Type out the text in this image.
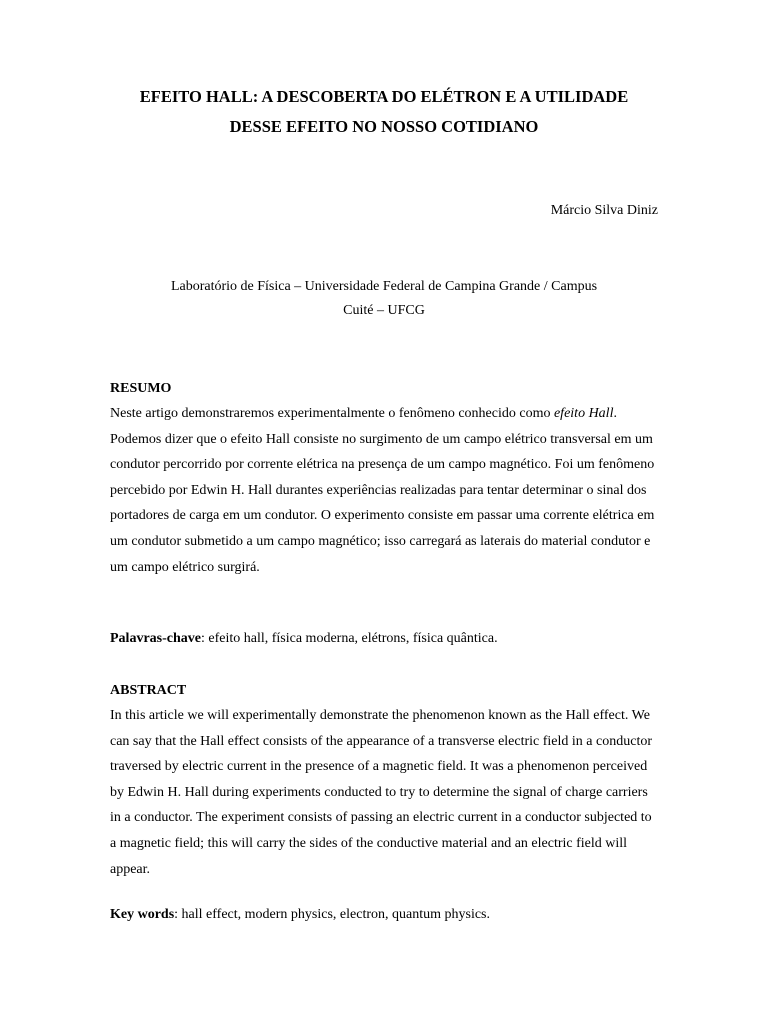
EFEITO HALL: A DESCOBERTA DO ELÉTRON E A UTILIDADE
DESSE EFEITO NO NOSSO COTIDIANO

Márcio Silva Diniz

Laboratório de Física – Universidade Federal de Campina Grande / Campus
Cuité – UFCG

RESUMO

Neste artigo demonstraremos experimentalmente o fenômeno conhecido como efeito Hall. Podemos dizer que o efeito Hall consiste no surgimento de um campo elétrico transversal em um condutor percorrido por corrente elétrica na presença de um campo magnético. Foi um fenômeno percebido por Edwin H. Hall durantes experiências realizadas para tentar determinar o sinal dos portadores de carga em um condutor. O experimento consiste em passar uma corrente elétrica em um condutor submetido a um campo magnético; isso carregará as laterais do material condutor e um campo elétrico surgirá.

Palavras-chave: efeito hall, física moderna, elétrons, física quântica.

ABSTRACT

In this article we will experimentally demonstrate the phenomenon known as the Hall effect. We can say that the Hall effect consists of the appearance of a transverse electric field in a conductor traversed by electric current in the presence of a magnetic field. It was a phenomenon perceived by Edwin H. Hall during experiments conducted to try to determine the signal of charge carriers in a conductor. The experiment consists of passing an electric current in a conductor subjected to a magnetic field; this will carry the sides of the conductive material and an electric field will appear.

Key words: hall effect, modern physics, electron, quantum physics.
